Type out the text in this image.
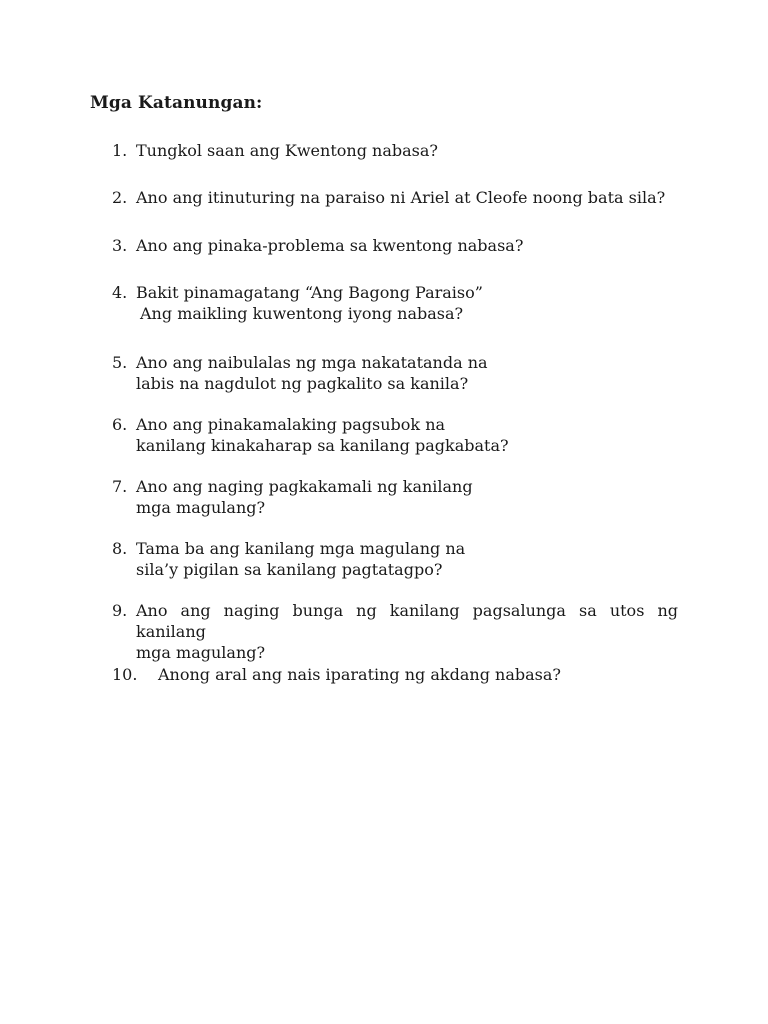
Mga Katanungan:
1. Tungkol saan ang Kwentong nabasa?
2. Ano ang itinuturing na paraiso ni Ariel at Cleofe noong bata sila?
3. Ano ang pinaka-problema sa kwentong nabasa?
4. Bakit pinamagatang “Ang Bagong Paraiso”
Ang maikling kuwentong iyong nabasa?
5. Ano ang naibulalas ng mga nakatatanda na
labis na nagdulot ng pagkalito sa kanila?
6. Ano ang pinakamalaking pagsubok na
kanilang kinakaharap sa kanilang pagkabata?
7. Ano ang naging pagkakamali ng kanilang
mga magulang?
8. Tama ba ang kanilang mga magulang na
sila’y pigilan sa kanilang pagtatagpo?
9. Ano ang naging bunga ng kanilang pagsalunga sa utos ng kanilang
mga magulang?
10.	Anong aral ang nais iparating ng akdang nabasa?
